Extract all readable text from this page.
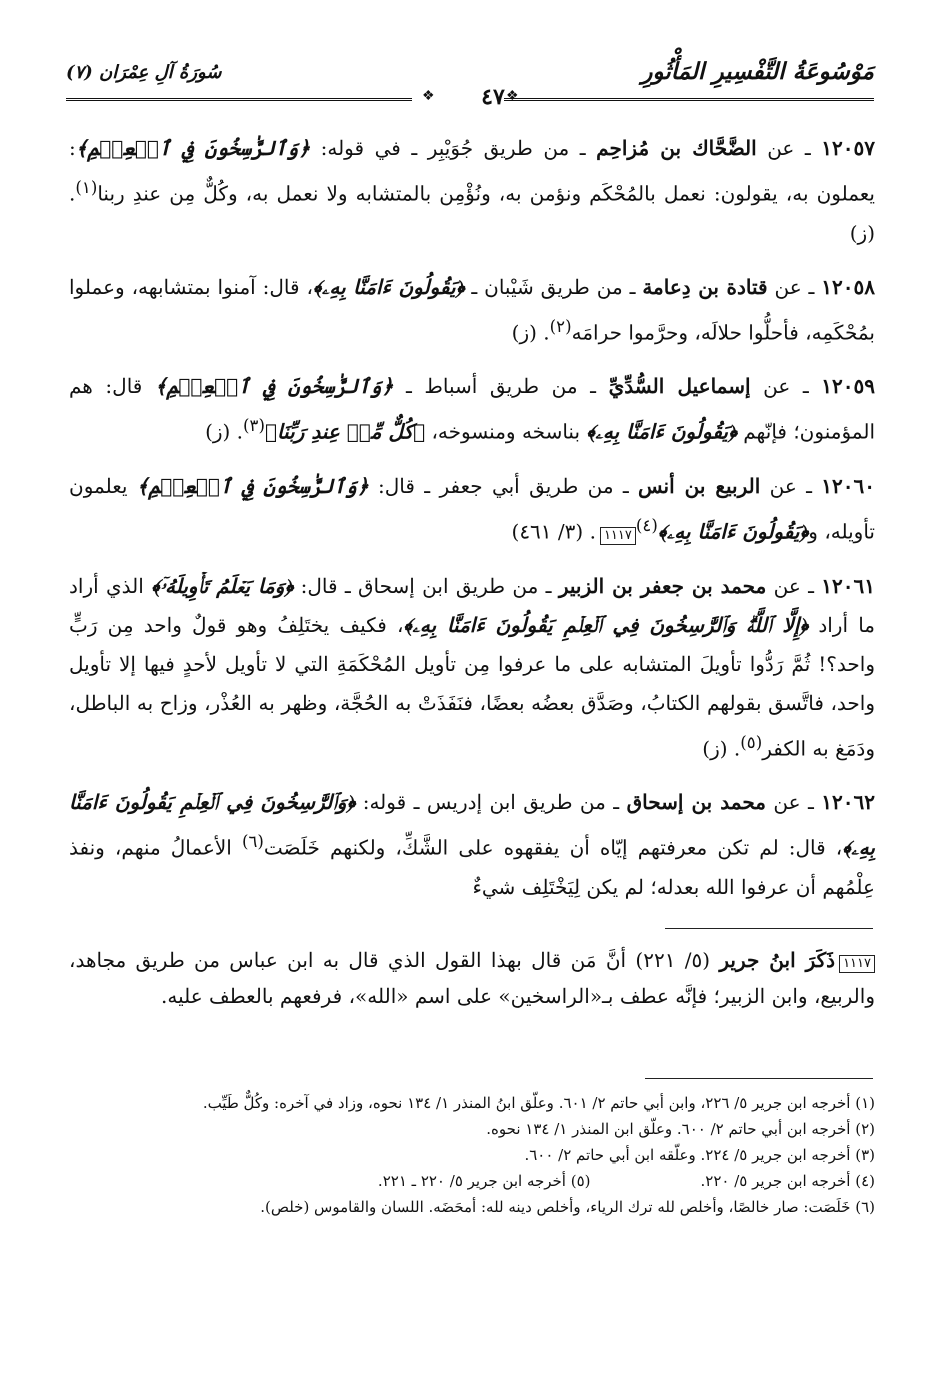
مَوْسُوعَةُ التَّفْسِيرِ المَأْثُورِ
سُورَةُ آلِ عِمْرَان (٧)
❖
❖	٤٧

١٢٠٥٧ ـ عن الضَّحَّاك بن مُزاحِم ـ من طريق جُوَيْبِر ـ في قوله: ﴿وَٱلرَّٰسِخُونَ فِي ٱلۡعِلۡمِ﴾: يعملون به، يقولون: نعمل بالمُحْكَم ونؤمن به، ونُؤْمِن بالمتشابه ولا نعمل به، وكُلٌّ مِن عندِ ربنا$^{(١)}$. (ز)

١٢٠٥٨ ـ عن قتادة بن دِعامة ـ من طريق شَيْبان ـ ﴿يَقُولُونَ ءَامَنَّا بِهِۦ﴾، قال: آمنوا بمتشابهه، وعملوا بمُحْكَمِه، فأحلُّوا حلالَه، وحرَّموا حرامَه$^{(٢)}$. (ز)

١٢٠٥٩ ـ عن إسماعيل السُّدِّيِّ ـ من طريق أسباط ـ ﴿وَٱلرَّٰسِخُونَ فِي ٱلۡعِلۡمِ﴾ قال: هم المؤمنون؛ فإنّهم ﴿يَقُولُونَ ءَامَنَّا بِهِۦ﴾ بناسخه ومنسوخه، ﴿كُلٌّ مِّنۡ عِندِ رَبِّنَا﴾$^{(٣)}$. (ز)

١٢٠٦٠ ـ عن الربيع بن أنس ـ من طريق أبي جعفر ـ قال: ﴿وَٱلرَّٰسِخُونَ فِي ٱلۡعِلۡمِ﴾ يعلمون تأويله، و﴿يَقُولُونَ ءَامَنَّا بِهِۦ﴾$^{(٤)}$١١١٧. (٣/ ٤٦١)

١٢٠٦١ ـ عن محمد بن جعفر بن الزبير ـ من طريق ابن إسحاق ـ قال: ﴿وَمَا يَعۡلَمُ تَأۡوِيلَهُۥٓ﴾ الذي أراد ما أراد ﴿إِلَّا ٱللَّهُۗ وَٱلرَّٰسِخُونَ فِي ٱلۡعِلۡمِ يَقُولُونَ ءَامَنَّا بِهِۦ﴾، فكيف يختَلِفُ وهو قولٌ واحد مِن رَبٍّ واحد؟! ثُمَّ رَدُّوا تأويلَ المتشابه على ما عرفوا مِن تأويل المُحْكَمَةِ التي لا تأويل لأحدٍ فيها إلا تأويل واحد، فاتَّسق بقولهم الكتابُ، وصَدَّق بعضُه بعضًا، فنَفَذَتْ به الحُجَّة، وظهر به العُذْر، وزاح به الباطل، ودَمَغ به الكفر$^{(٥)}$. (ز)

١٢٠٦٢ ـ عن محمد بن إسحاق ـ من طريق ابن إدريس ـ قوله: ﴿وَٱلرَّٰسِخُونَ فِي ٱلۡعِلۡمِ يَقُولُونَ ءَامَنَّا بِهِۦ﴾، قال: لم تكن معرفتهم إيّاه أن يفقهوه على الشَّكِّ، ولكنهم خَلَصَت$^{(٦)}$ الأعمالُ منهم، ونفذ عِلْمُهم أن عرفوا الله بعدله؛ لم يكن لِيَخْتَلِف شيءٌ

١١١٧ذَكَرَ ابنُ جرير (٥/ ٢٢١) أنَّ مَن قال بهذا القول الذي قال به ابن عباس من طريق مجاهد، والربيع، وابن الزبير؛ فإنَّه عطف بـ«الراسخين» على اسم «الله»، فرفعهم بالعطف عليه.

(١) أخرجه ابن جرير ٥/ ٢٢٦، وابن أبي حاتم ٢/ ٦٠١. وعلّق ابنُ المنذر ١/ ١٣٤ نحوه، وزاد في آخره: وكُلٌّ طَيِّب.

(٢) أخرجه ابن أبي حاتم ٢/ ٦٠٠. وعلّق ابن المنذر ١/ ١٣٤ نحوه.

(٣) أخرجه ابن جرير ٥/ ٢٢٤. وعلّقه ابن أبي حاتم ٢/ ٦٠٠.

(٤) أخرجه ابن جرير ٥/ ٢٢٠.

(٥) أخرجه ابن جرير ٥/ ٢٢٠ ـ ٢٢١.

(٦) خَلَصَت: صار خالصًا، وأخلص لله ترك الرياء، وأخلص دينه لله: أمحَضَه. اللسان والقاموس (خلص).
